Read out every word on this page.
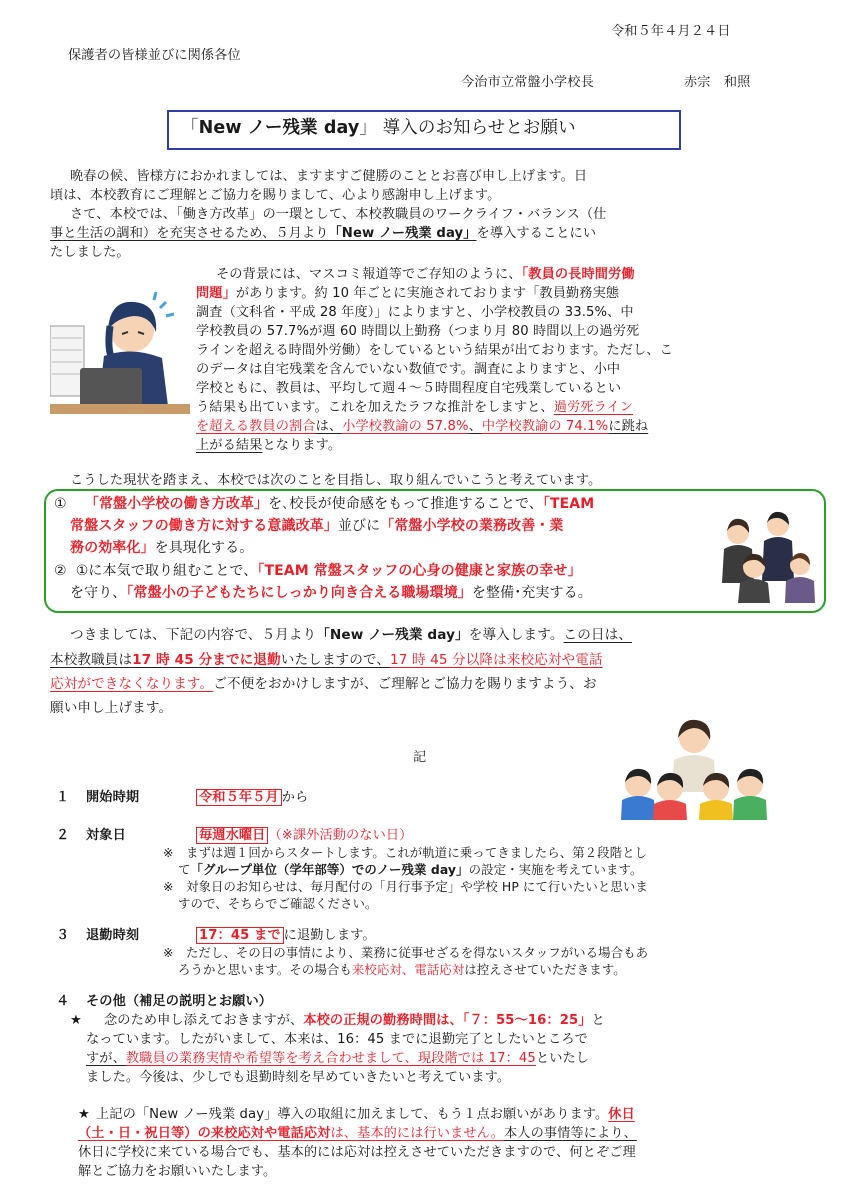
令和５年４月２４日
保護者の皆様並びに関係各位
今治市立常盤小学校長	赤宗　和照
「New ノー残業 day」 導入のお知らせとお願い
晩春の候、皆様方におかれましては、ますますご健勝のこととお喜び申し上げます。日
頃は、本校教育にご理解とご協力を賜りまして、心より感謝申し上げます。
さて、本校では、「働き方改革」の一環として、本校教職員のワークライフ・バランス（仕
事と生活の調和）を充実させるため、５月より「New ノー残業 day」を導入することにい
たしました。
その背景には、マスコミ報道等でご存知のように、「教員の長時間労働
問題」があります。約 10 年ごとに実施されております「教員勤務実態
調査（文科省・平成 28 年度）」によりますと、小学校教員の 33.5%、中
学校教員の 57.7%が週 60 時間以上勤務（つまり月 80 時間以上の過労死
ラインを超える時間外労働）をしているという結果が出ております。ただし、こ
のデータは自宅残業を含んでいない数値です。調査によりますと、小中
学校ともに、教員は、平均して週４～５時間程度自宅残業しているとい
う結果も出ています。これを加えたラフな推計をしますと、過労死ライン
を超える教員の割合は、小学校教諭の 57.8%、中学校教諭の 74.1%に跳ね
上がる結果となります。
こうした現状を踏まえ、本校では次のことを目指し、取り組んでいこうと考えています。
① 「常盤小学校の働き方改革」を､校長が使命感をもって推進することで、「TEAM
常盤スタッフの働き方に対する意識改革」並びに「常盤小学校の業務改善・業
務の効率化」を具現化する。
② ①に本気で取り組むことで、「TEAM 常盤スタッフの心身の健康と家族の幸せ」
を守り、「常盤小の子どもたちにしっかり向き合える職場環境」を整備･充実する。
つきましては、下記の内容で、５月より「New ノー残業 day」を導入します。この日は、
本校教職員は17 時 45 分までに退勤いたしますので、17 時 45 分以降は来校応対や電話
応対ができなくなります。ご不便をおかけしますが、ご理解とご協力を賜りますよう、お
願い申し上げます。
記
１ 開始時期	令和５年５月 から
２ 対象日	毎週水曜日 （※課外活動のない日）
※　まずは週１回からスタートします。これが軌道に乗ってきましたら、第２段階とし
て「グループ単位（学年部等）でのノー残業 day」の設定・実施を考えています。
※　対象日のお知らせは、毎月配付の「月行事予定」や学校 HP にて行いたいと思いま
すので、そちらでご確認ください。
３ 退勤時刻	17：45 まで に退勤します。
※　ただし、その日の事情により、業務に従事せざるを得ないスタッフがいる場合もあ
ろうかと思います。その場合も来校応対、電話応対は控えさせていただきます。
４ その他（補足の説明とお願い）
★ 念のため申し添えておきますが、本校の正規の勤務時間は、「７：55～16：25」と
なっています。したがいまして、本来は、16：45 までに退勤完了としたいところで
すが、教職員の業務実情や希望等を考え合わせまして、現段階では 17：45といたし
ました。今後は、少しでも退勤時刻を早めていきたいと考えています。
★ 上記の「New ノー残業 day」導入の取組に加えまして、もう１点お願いがあります。休日
（土・日・祝日等）の来校応対や電話応対は、基本的には行いません。本人の事情等により、
休日に学校に来ている場合でも、基本的には応対は控えさせていただきますので、何とぞご理
解とご協力をお願いいたします。
